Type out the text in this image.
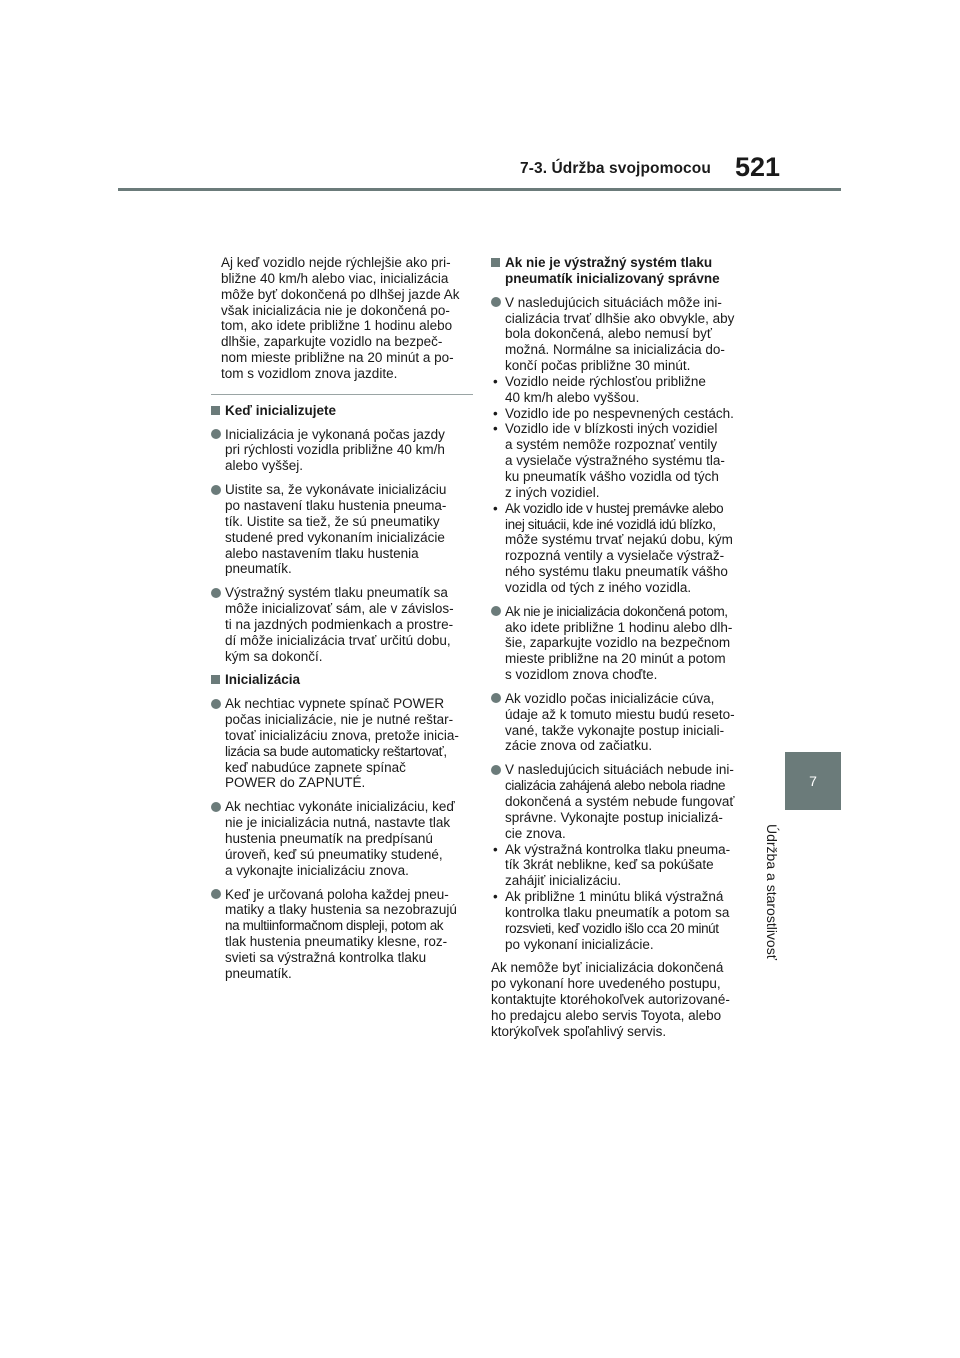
7-3. Údržba svojpomocou 521
7
Údržba a starostlivosť

Aj keď vozidlo nejde rýchlejšie ako pri-
bližne 40 km/h alebo viac, inicializácia
môže byť dokončená po dlhšej jazde Ak
však inicializácia nie je dokončená po-
tom, ako idete približne 1 hodinu alebo
dlhšie, zaparkujte vozidlo na bezpeč-
nom mieste približne na 20 minút a po-
tom s vozidlom znova jazdite.

Keď inicializujete
Inicializácia je vykonaná počas jazdy
pri rýchlosti vozidla približne 40 km/h
alebo vyššej.
Uistite sa, že vykonávate inicializáciu
po nastavení tlaku hustenia pneuma-
tík. Uistite sa tiež, že sú pneumatiky
studené pred vykonaním inicializácie
alebo nastavením tlaku hustenia
pneumatík.
Výstražný systém tlaku pneumatík sa
môže inicializovať sám, ale v závislos-
ti na jazdných podmienkach a prostre-
dí môže inicializácia trvať určitú dobu,
kým sa dokončí.
Inicializácia
Ak nechtiac vypnete spínač POWER
počas inicializácie, nie je nutné reštar-
tovať inicializáciu znova, pretože inicia-
lizácia sa bude automaticky reštartovať,
keď nabudúce zapnete spínač
POWER do ZAPNUTÉ.
Ak nechtiac vykonáte inicializáciu, keď
nie je inicializácia nutná, nastavte tlak
hustenia pneumatík na predpísanú
úroveň, keď sú pneumatiky studené,
a vykonajte inicializáciu znova.
Keď je určovaná poloha každej pneu-
matiky a tlaky hustenia sa nezobrazujú
na multiinformačnom displeji, potom ak
tlak hustenia pneumatiky klesne, roz-
svieti sa výstražná kontrolka tlaku
pneumatík.
Ak nie je výstražný systém tlaku
pneumatík inicializovaný správne
V nasledujúcich situáciách môže ini-
cializácia trvať dlhšie ako obvykle, aby
bola dokončená, alebo nemusí byť
možná. Normálne sa inicializácia do-
končí počas približne 30 minút.
• Vozidlo neide rýchlosťou približne
40 km/h alebo vyššou.
• Vozidlo ide po nespevnených cestách.
• Vozidlo ide v blízkosti iných vozidiel
a systém nemôže rozpoznať ventily
a vysielače výstražného systému tla-
ku pneumatík vášho vozidla od tých
z iných vozidiel.
• Ak vozidlo ide v hustej premávke alebo
inej situácii, kde iné vozidlá idú blízko,
môže systému trvať nejakú dobu, kým
rozpozná ventily a vysielače výstraž-
ného systému tlaku pneumatík vášho
vozidla od tých z iného vozidla.
Ak nie je inicializácia dokončená potom,
ako idete približne 1 hodinu alebo dlh-
šie, zaparkujte vozidlo na bezpečnom
mieste približne na 20 minút a potom
s vozidlom znova choďte.
Ak vozidlo počas inicializácie cúva,
údaje až k tomuto miestu budú reseto-
vané, takže vykonajte postup iniciali-
zácie znova od začiatku.
V nasledujúcich situáciách nebude ini-
cializácia zahájená alebo nebola riadne
dokončená a systém nebude fungovať
správne. Vykonajte postup inicializá-
cie znova.
• Ak výstražná kontrolka tlaku pneuma-
tík 3krát neblikne, keď sa pokúšate
zahájiť inicializáciu.
• Ak približne 1 minútu bliká výstražná
kontrolka tlaku pneumatík a potom sa
rozsvieti, keď vozidlo išlo cca 20 minút
po vykonaní inicializácie.

Ak nemôže byť inicializácia dokončená
po vykonaní hore uvedeného postupu,
kontaktujte ktoréhokoľvek autorizované-
ho predajcu alebo servis Toyota, alebo
ktorýkoľvek spoľahlivý servis.
